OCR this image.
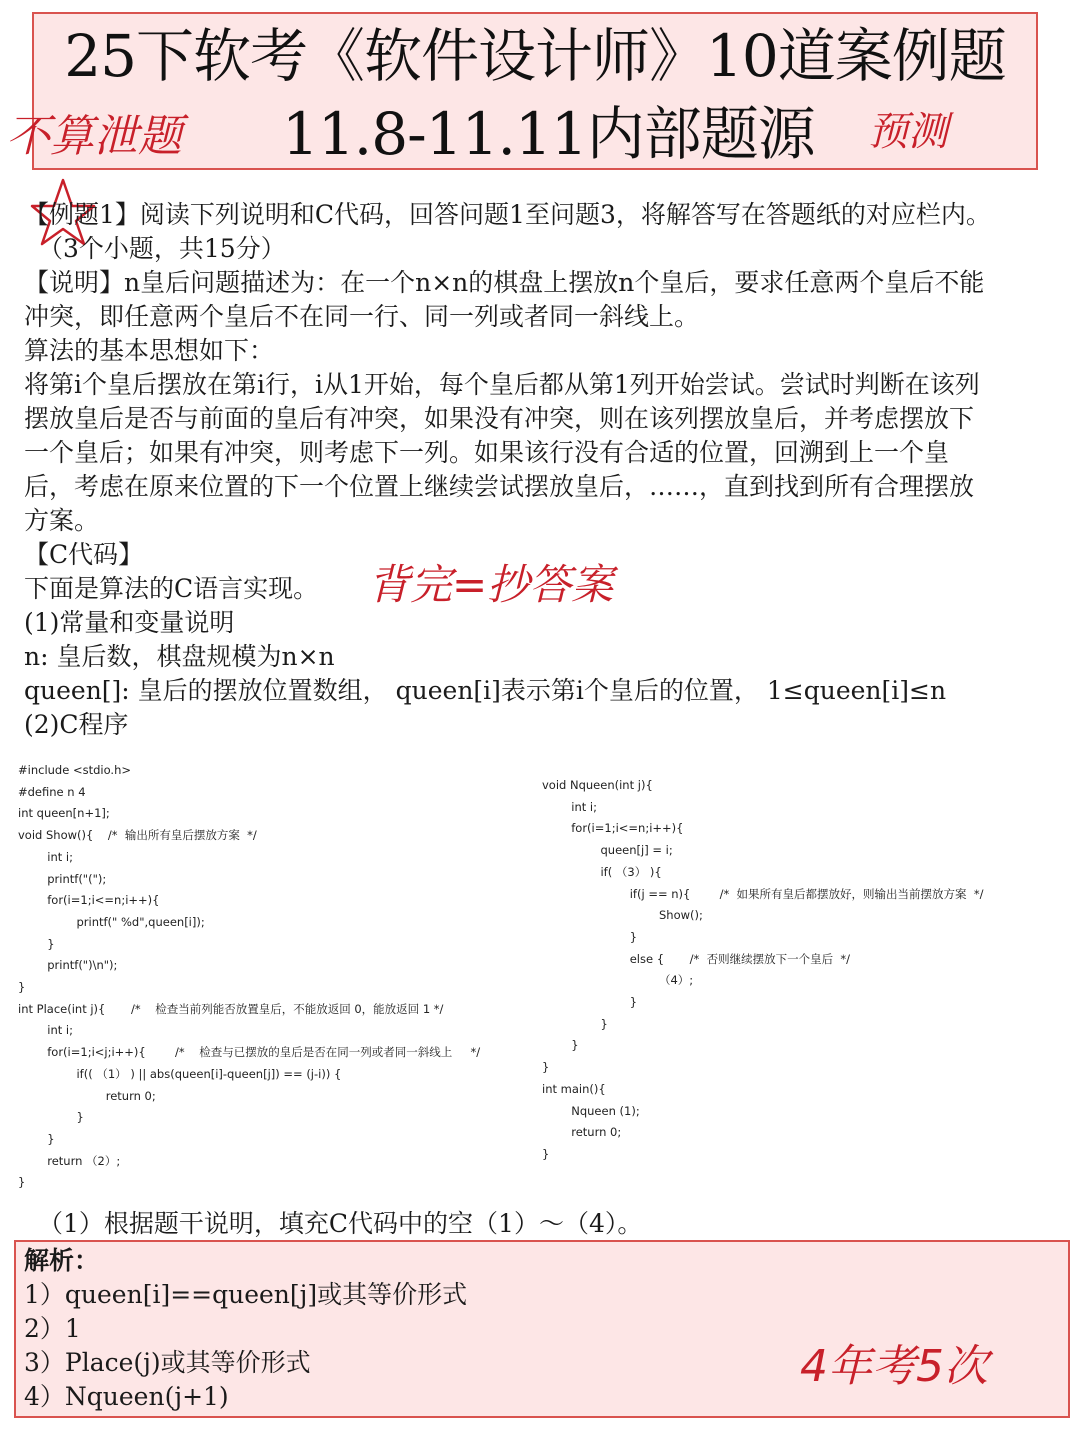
25下软考《软件设计师》10道案例题
11.8-11.11内部题源
不算泄题	预测

【例题1】阅读下列说明和C代码，回答问题1至问题3，将解答写在答题纸的对应栏内。

（3个小题，共15分）

【说明】n皇后问题描述为：在一个n×n的棋盘上摆放n个皇后，要求任意两个皇后不能

冲突，即任意两个皇后不在同一行、同一列或者同一斜线上。

算法的基本思想如下：

将第i个皇后摆放在第i行，i从1开始，每个皇后都从第1列开始尝试。尝试时判断在该列

摆放皇后是否与前面的皇后有冲突，如果没有冲突，则在该列摆放皇后，并考虑摆放下

一个皇后；如果有冲突，则考虑下一列。如果该行没有合适的位置，回溯到上一个皇

后，考虑在原来位置的下一个位置上继续尝试摆放皇后，……，直到找到所有合理摆放

方案。

【C代码】

下面是算法的C语言实现。

(1)常量和变量说明

n: 皇后数，棋盘规模为n×n

queen[]: 皇后的摆放位置数组， queen[i]表示第i个皇后的位置， 1≤queen[i]≤n

(2)C程序

背完=抄答案
#include <stdio.h>
#define n 4
int queen[n+1];
void Show(){    /*  输出所有皇后摆放方案  */
int i;
printf("(");
for(i=1;i<=n;i++){
printf(" %d",queen[i]);
}
printf(")\n");
}
int Place(int j){       /*    检查当前列能否放置皇后，不能放返回 0，能放返回 1 */
int i;
for(i=1;i<j;i++){        /*    检查与已摆放的皇后是否在同一列或者同一斜线上     */
if(( （1） ) || abs(queen[i]-queen[j]) == (j-i)) {
return 0;
}
}
return （2）;
}
void Nqueen(int j){
int i;
for(i=1;i<=n;i++){
queen[j] = i;
if( （3） ){
if(j == n){        /*  如果所有皇后都摆放好，则输出当前摆放方案  */
Show();
}
else {       /*  否则继续摆放下一个皇后  */
（4）;
}
}
}
}
int main(){
Nqueen (1);
return 0;
}
（1）根据题干说明，填充C代码中的空（1）～（4）。
解析：
1）queen[i]==queen[j]或其等价形式
2）1
3）Place(j)或其等价形式
4）Nqueen(j+1)
4年考5次
